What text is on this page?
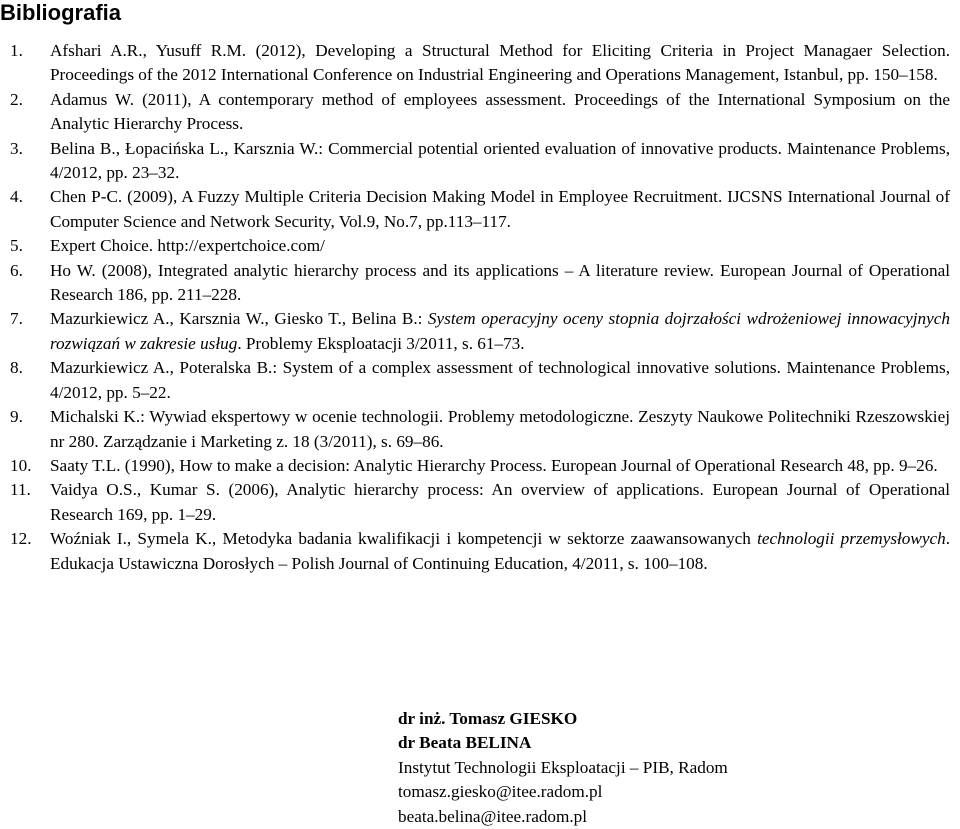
Bibliografia
1.	Afshari A.R., Yusuff R.M. (2012), Developing a Structural Method for Eliciting Criteria in Project Managaer Selection. Proceedings of the 2012 International Conference on Industrial Engineering and Operations Management, Istanbul, pp. 150–158.
2.	Adamus W. (2011), A contemporary method of employees assessment. Proceedings of the International Symposium on the Analytic Hierarchy Process.
3.	Belina B., Łopacińska L., Karsznia W.: Commercial potential oriented evaluation of innovative products. Maintenance Problems, 4/2012, pp. 23–32.
4.	Chen P-C. (2009), A Fuzzy Multiple Criteria Decision Making Model in Employee Recruitment. IJCSNS International Journal of Computer Science and Network Security, Vol.9, No.7, pp.113–117.
5.	Expert Choice. http://expertchoice.com/
6.	Ho W. (2008), Integrated analytic hierarchy process and its applications – A literature review. European Journal of Operational Research 186, pp. 211–228.
7.	Mazurkiewicz A., Karsznia W., Giesko T., Belina B.: System operacyjny oceny stopnia dojrzałości wdrożeniowej innowacyjnych rozwiązań w zakresie usług. Problemy Eksploatacji 3/2011, s. 61–73.
8.	Mazurkiewicz A., Poteralska B.: System of a complex assessment of technological innovative solutions. Maintenance Problems, 4/2012, pp. 5–22.
9.	Michalski K.: Wywiad ekspertowy w ocenie technologii. Problemy metodologiczne. Zeszyty Naukowe Politechniki Rzeszowskiej nr 280. Zarządzanie i Marketing z. 18 (3/2011), s. 69–86.
10.	Saaty T.L. (1990), How to make a decision: Analytic Hierarchy Process. European Journal of Operational Research 48, pp. 9–26.
11.	Vaidya O.S., Kumar S. (2006), Analytic hierarchy process: An overview of applications. European Journal of Operational Research 169, pp. 1–29.
12.	Woźniak I., Symela K., Metodyka badania kwalifikacji i kompetencji w sektorze zaawansowanych technologii przemysłowych. Edukacja Ustawiczna Dorosłych – Polish Journal of Continuing Education, 4/2011, s. 100–108.
dr inż. Tomasz GIESKO
dr Beata BELINA
Instytut Technologii Eksploatacji – PIB, Radom
tomasz.giesko@itee.radom.pl
beata.belina@itee.radom.pl
